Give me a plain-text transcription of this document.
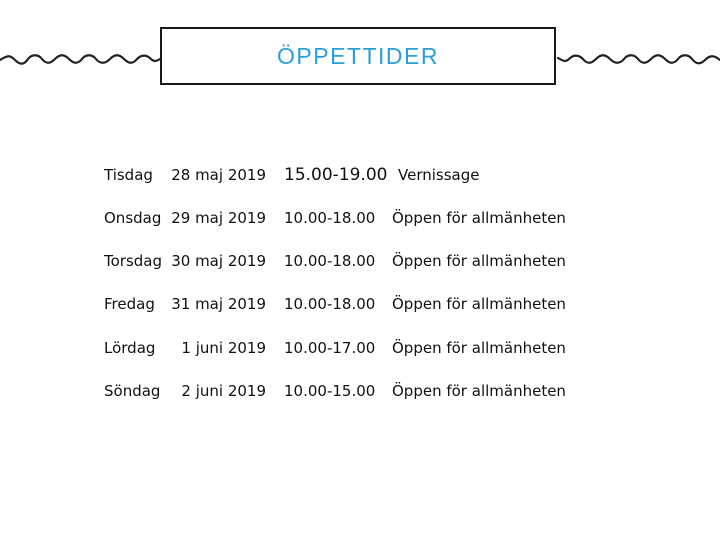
ÖPPETTIDER
Tisdag 28 maj 2019 15.00-19.00 Vernissage
Onsdag 29 maj 2019 10.00-18.00 Öppen för allmänheten
Torsdag 30 maj 2019 10.00-18.00 Öppen för allmänheten
Fredag 31 maj 2019 10.00-18.00 Öppen för allmänheten
Lördag 1 juni 2019 10.00-17.00 Öppen för allmänheten
Söndag 2 juni 2019 10.00-15.00 Öppen för allmänheten
